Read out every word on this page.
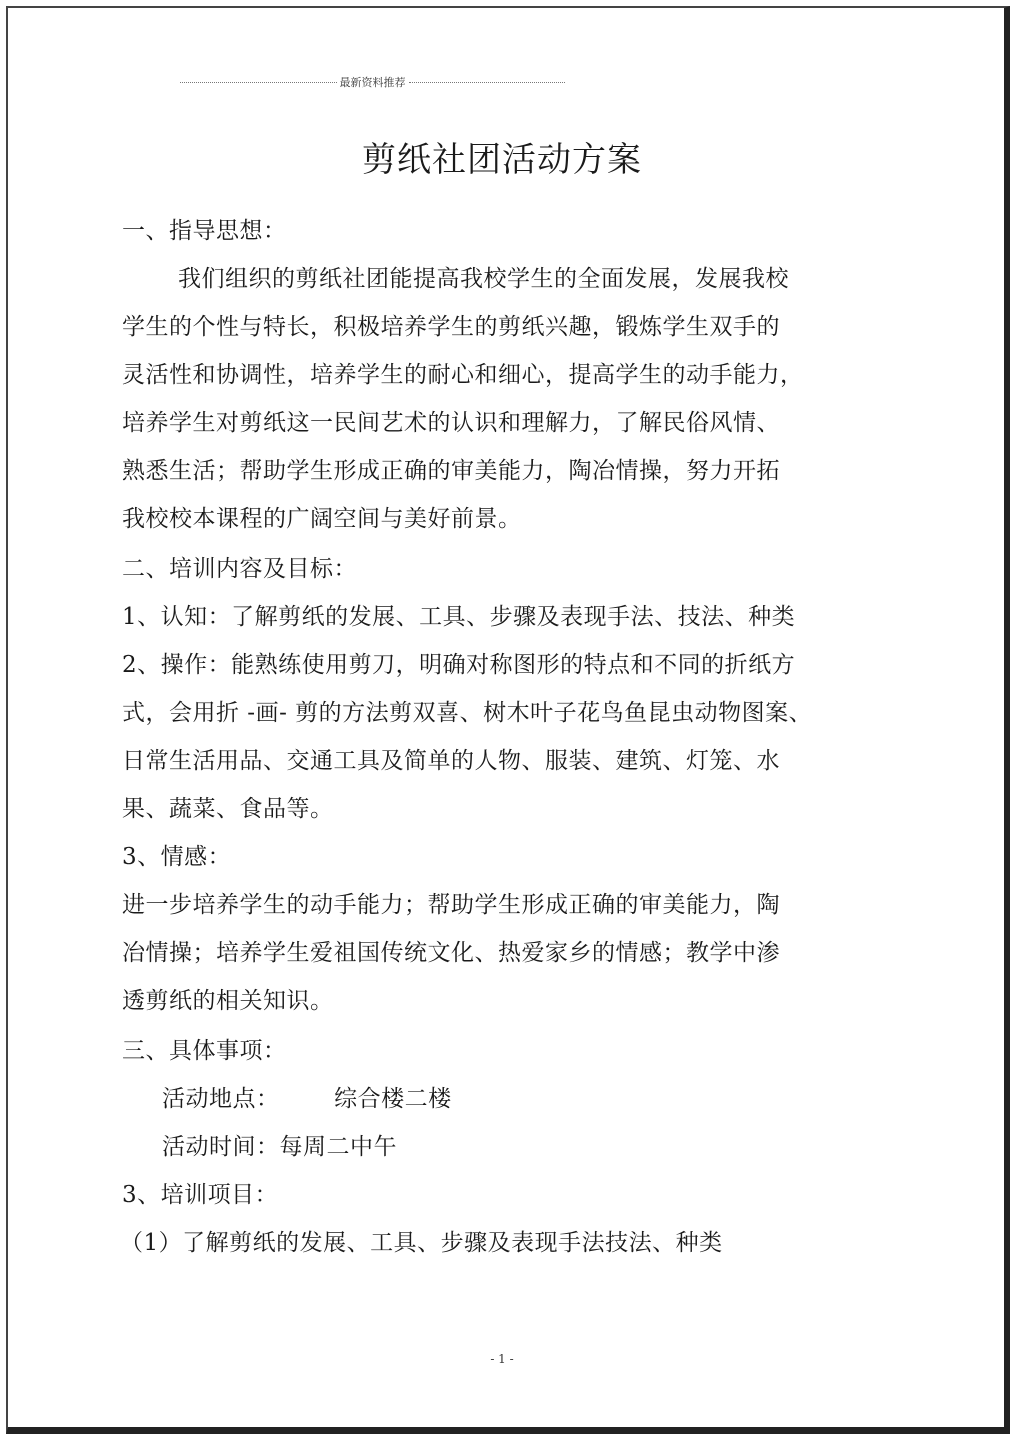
最新资料推荐
剪纸社团活动方案
一、指导思想：
我们组织的剪纸社团能提高我校学生的全面发展，发展我校
学生的个性与特长，积极培养学生的剪纸兴趣，锻炼学生双手的
灵活性和协调性，培养学生的耐心和细心，提高学生的动手能力，
培养学生对剪纸这一民间艺术的认识和理解力，了解民俗风情、
熟悉生活；帮助学生形成正确的审美能力，陶冶情操，努力开拓
我校校本课程的广阔空间与美好前景。
二、培训内容及目标：
1、认知：了解剪纸的发展、工具、步骤及表现手法、技法、种类
2、操作：能熟练使用剪刀，明确对称图形的特点和不同的折纸方
式，会用折 -画- 剪的方法剪双喜、树木叶子花鸟鱼昆虫动物图案、
日常生活用品、交通工具及简单的人物、服装、建筑、灯笼、水
果、蔬菜、食品等。
3、情感：
进一步培养学生的动手能力；帮助学生形成正确的审美能力，陶
冶情操；培养学生爱祖国传统文化、热爱家乡的情感；教学中渗
透剪纸的相关知识。
三、具体事项：
活动地点：       综合楼二楼
活动时间：每周二中午
3、培训项目：
（1）了解剪纸的发展、工具、步骤及表现手法技法、种类
- 1 -
